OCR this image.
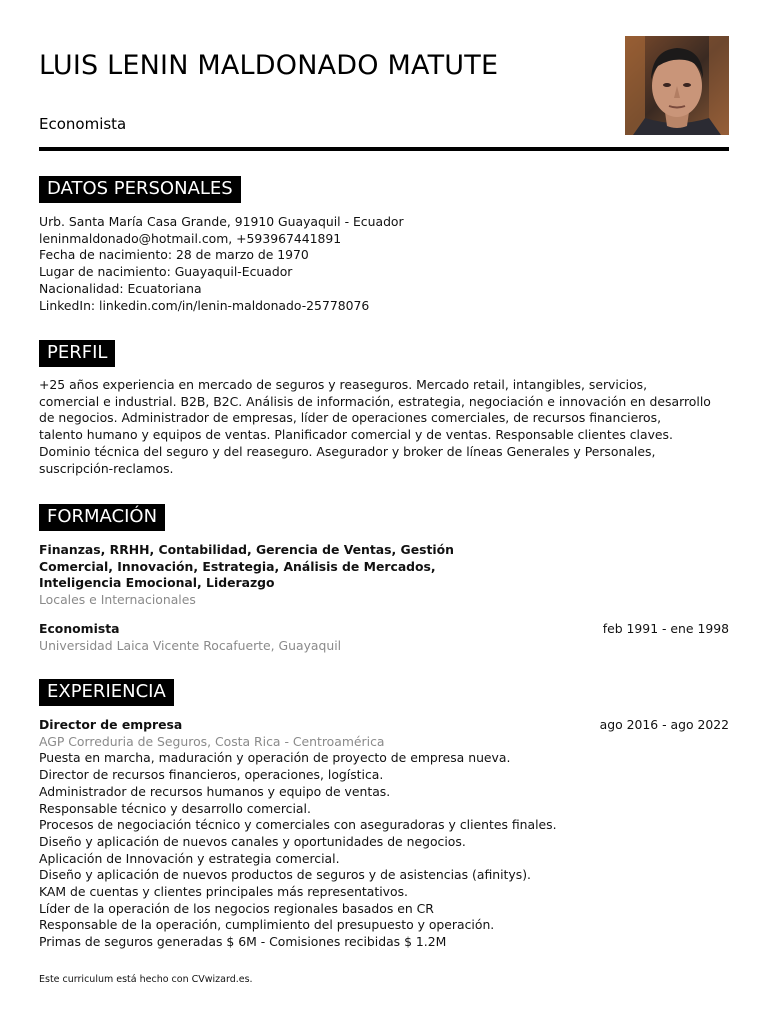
LUIS LENIN MALDONADO MATUTE
Economista
DATOS PERSONALES
Urb. Santa María Casa Grande, 91910 Guayaquil - Ecuador
leninmaldonado@hotmail.com, +593967441891
Fecha de nacimiento: 28 de marzo de 1970
Lugar de nacimiento: Guayaquil-Ecuador
Nacionalidad: Ecuatoriana
LinkedIn: linkedin.com/in/lenin-maldonado-25778076
PERFIL
+25 años experiencia en mercado de seguros y reaseguros. Mercado retail, intangibles, servicios,
comercial e industrial. B2B, B2C. Análisis de información, estrategia, negociación e innovación en desarrollo
de negocios. Administrador de empresas, líder de operaciones comerciales, de recursos financieros,
talento humano y equipos de ventas. Planificador comercial y de ventas. Responsable clientes claves.
Dominio técnica del seguro y del reaseguro. Asegurador y broker de líneas Generales y Personales,
suscripción-reclamos.
FORMACIÓN
Finanzas, RRHH, Contabilidad, Gerencia de Ventas, Gestión
Comercial, Innovación, Estrategia, Análisis de Mercados,
Inteligencia Emocional, Liderazgo
Locales e Internacionales
Economista	feb 1991 - ene 1998
Universidad Laica Vicente Rocafuerte, Guayaquil
EXPERIENCIA
Director de empresa	ago 2016 - ago 2022
AGP Correduria de Seguros, Costa Rica - Centroamérica
Puesta en marcha, maduración y operación de proyecto de empresa nueva.
Director de recursos financieros, operaciones, logística.
Administrador de recursos humanos y equipo de ventas.
Responsable técnico y desarrollo comercial.
Procesos de negociación técnico y comerciales con aseguradoras y clientes finales.
Diseño y aplicación de nuevos canales y oportunidades de negocios.
Aplicación de Innovación y estrategia comercial.
Diseño y aplicación de nuevos productos de seguros y de asistencias (afinitys).
KAM de cuentas y clientes principales más representativos.
Líder de la operación de los negocios regionales basados en CR
Responsable de la operación, cumplimiento del presupuesto y operación.
Primas de seguros generadas $ 6M - Comisiones recibidas $ 1.2M
Este curriculum está hecho con CVwizard.es.
